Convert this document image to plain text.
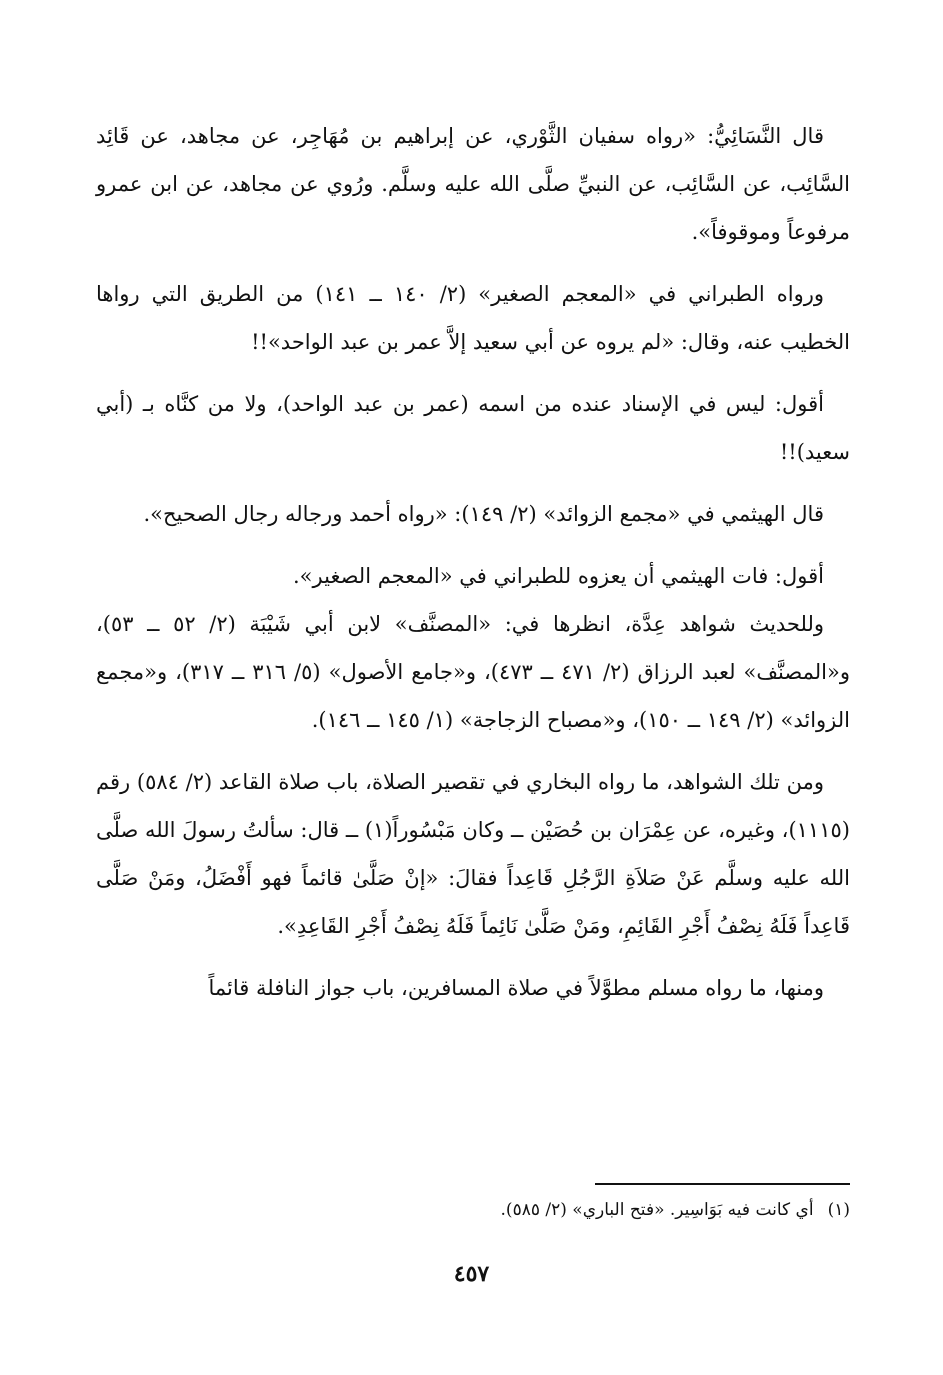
قال النَّسَائِيُّ: «رواه سفيان الثَّوْري، عن إبراهيم بن مُهَاجِر، عن مجاهد، عن قَائِد السَّائِب، عن السَّائِب، عن النبيِّ صلَّى الله عليه وسلَّم. ورُوي عن مجاهد، عن ابن عمرو مرفوعاً وموقوفاً».

ورواه الطبراني في «المعجم الصغير» (٢/ ١٤٠ ــ ١٤١) من الطريق التي رواها الخطيب عنه، وقال: «لم يروه عن أبي سعيد إلاَّ عمر بن عبد الواحد»!!

أقول: ليس في الإسناد عنده من اسمه (عمر بن عبد الواحد)، ولا من كنَّاه بـ (أبي سعيد)!!

قال الهيثمي في «مجمع الزوائد» (٢/ ١٤٩): «رواه أحمد ورجاله رجال الصحيح».

أقول: فات الهيثمي أن يعزوه للطبراني في «المعجم الصغير».

وللحديث شواهد عِدَّة، انظرها في: «المصنَّف» لابن أبي شَيْبَة (٢/ ٥٢ ــ ٥٣)، و«المصنَّف» لعبد الرزاق (٢/ ٤٧١ ــ ٤٧٣)، و«جامع الأصول» (٥/ ٣١٦ ــ ٣١٧)، و«مجمع الزوائد» (٢/ ١٤٩ ــ ١٥٠)، و«مصباح الزجاجة» (١/ ١٤٥ ــ ١٤٦).

ومن تلك الشواهد، ما رواه البخاري في تقصير الصلاة، باب صلاة القاعد (٢/ ٥٨٤) رقم (١١١٥)، وغيره، عن عِمْرَان بن حُصَيْن ــ وكان مَبْسُوراً(١) ــ قال: سألتُ رسولَ الله صلَّى الله عليه وسلَّم عَنْ صَلاَةِ الرَّجُلِ قَاعِداً فقالَ: «إنْ صَلَّىٰ قائماً فهو أَفْضَلُ، ومَنْ صَلَّى قَاعِداً فَلَهُ نِصْفُ أَجْرِ القَائِمِ، ومَنْ صَلَّىٰ نَائِماً فَلَهُ نِصْفُ أَجْرِ القَاعِدِ».

ومنها، ما رواه مسلم مطوَّلاً في صلاة المسافرين، باب جواز النافلة قائماً

(١)أي كانت فيه بَوَاسِير. «فتح الباري» (٢/ ٥٨٥).
٤٥٧
